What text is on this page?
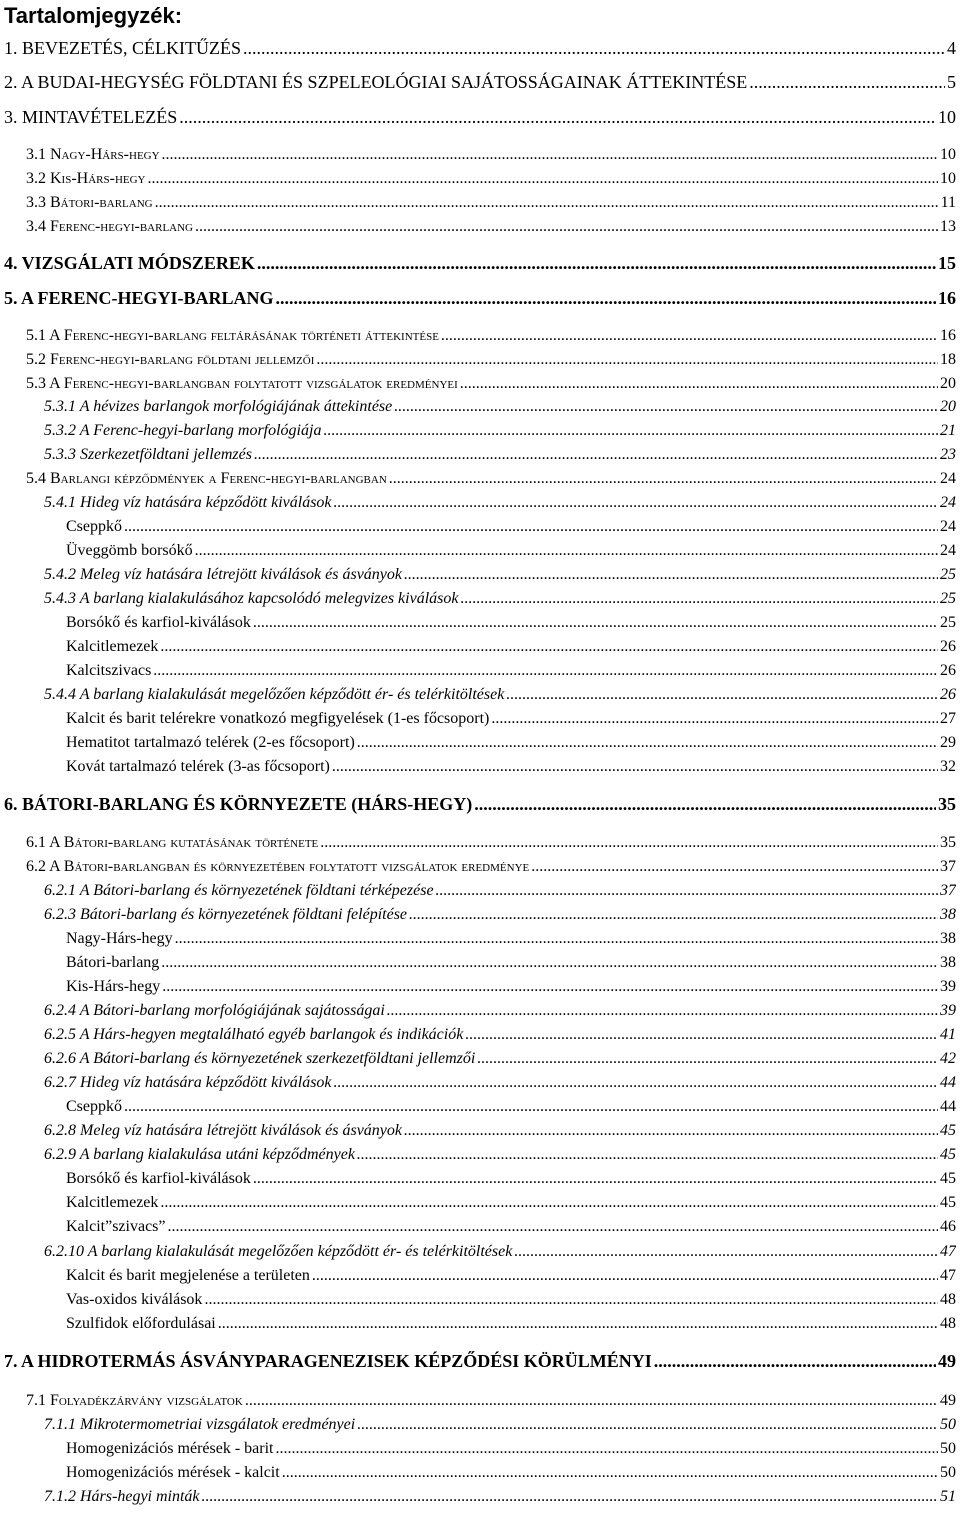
Tartalomjegyzék:
1. BEVEZETÉS, CÉLKITŰZÉS .....	4
2. A BUDAI-HEGYSÉG FÖLDTANI ÉS SZPELEOLÓGIAI SAJÁTOSSÁGAINAK ÁTTEKINTÉSE .....	5
3. MINTAVÉTELEZÉS .....	10
3.1 Nagy-Hárs-hegy .....	10
3.2 Kis-Hárs-hegy .....	10
3.3 Bátori-barlang .....	11
3.4 Ferenc-hegyi-barlang .....	13
4. VIZSGÁLATI MÓDSZEREK .....	15
5. A FERENC-HEGYI-BARLANG .....	16
5.1 A Ferenc-hegyi-barlang feltárásának történeti áttekintése .....	16
5.2 Ferenc-hegyi-barlang földtani jellemzői .....	18
5.3 A Ferenc-hegyi-barlangban folytatott vizsgálatok eredményei .....	20
5.3.1 A hévizes barlangok morfológiájának áttekintése .....	20
5.3.2 A Ferenc-hegyi-barlang morfológiája .....	21
5.3.3 Szerkezetföldtani jellemzés .....	23
5.4 Barlangi képződmények a Ferenc-hegyi-barlangban .....	24
5.4.1 Hideg víz hatására képződött kiválások .....	24
Cseppkő .....	24
Üveggömb borsókő .....	24
5.4.2 Meleg víz hatására létrejött kiválások és ásványok .....	25
5.4.3 A barlang kialakulásához kapcsolódó melegvizes kiválások .....	25
Borsókő és karfiol-kiválások .....	25
Kalcitlemezek .....	26
Kalcitszivacs .....	26
5.4.4 A barlang kialakulását megelőzően képződött ér- és telérkitöltések .....	26
Kalcit és barit telérekre vonatkozó megfigyelések (1-es főcsoport) .....	27
Hematitot tartalmazó telérek (2-es főcsoport) .....	29
Kovát tartalmazó telérek (3-as főcsoport) .....	32
6. BÁTORI-BARLANG ÉS KÖRNYEZETE (HÁRS-HEGY) .....	35
6.1 A Bátori-barlang kutatásának története .....	35
6.2 A Bátori-barlangban és környezetében folytatott vizsgálatok eredménye .....	37
6.2.1 A Bátori-barlang és környezetének földtani térképezése .....	37
6.2.3 Bátori-barlang és környezetének földtani felépítése .....	38
Nagy-Hárs-hegy .....	38
Bátori-barlang .....	38
Kis-Hárs-hegy .....	39
6.2.4 A Bátori-barlang morfológiájának sajátosságai .....	39
6.2.5 A Hárs-hegyen megtalálható egyéb barlangok és indikációk .....	41
6.2.6 A Bátori-barlang és környezetének szerkezetföldtani jellemzői .....	42
6.2.7 Hideg víz hatására képződött kiválások .....	44
Cseppkő .....	44
6.2.8 Meleg víz hatására létrejött kiválások és ásványok .....	45
6.2.9 A barlang kialakulása utáni képződmények .....	45
Borsókő és karfiol-kiválások .....	45
Kalcitlemezek .....	45
Kalcit”szivacs” .....	46
6.2.10 A barlang kialakulását megelőzően képződött ér- és telérkitöltések .....	47
Kalcit és barit megjelenése a területen .....	47
Vas-oxidos kiválások .....	48
Szulfidok előfordulásai .....	48
7. A HIDROTERMÁS ÁSVÁNYPARAGENEZISEK KÉPZŐDÉSI KÖRÜLMÉNYI .....	49
7.1 Folyadékzárvány vizsgálatok .....	49
7.1.1 Mikrotermometriai vizsgálatok eredményei .....	50
Homogenizációs mérések - barit .....	50
Homogenizációs mérések - kalcit .....	50
7.1.2 Hárs-hegyi minták .....	51
